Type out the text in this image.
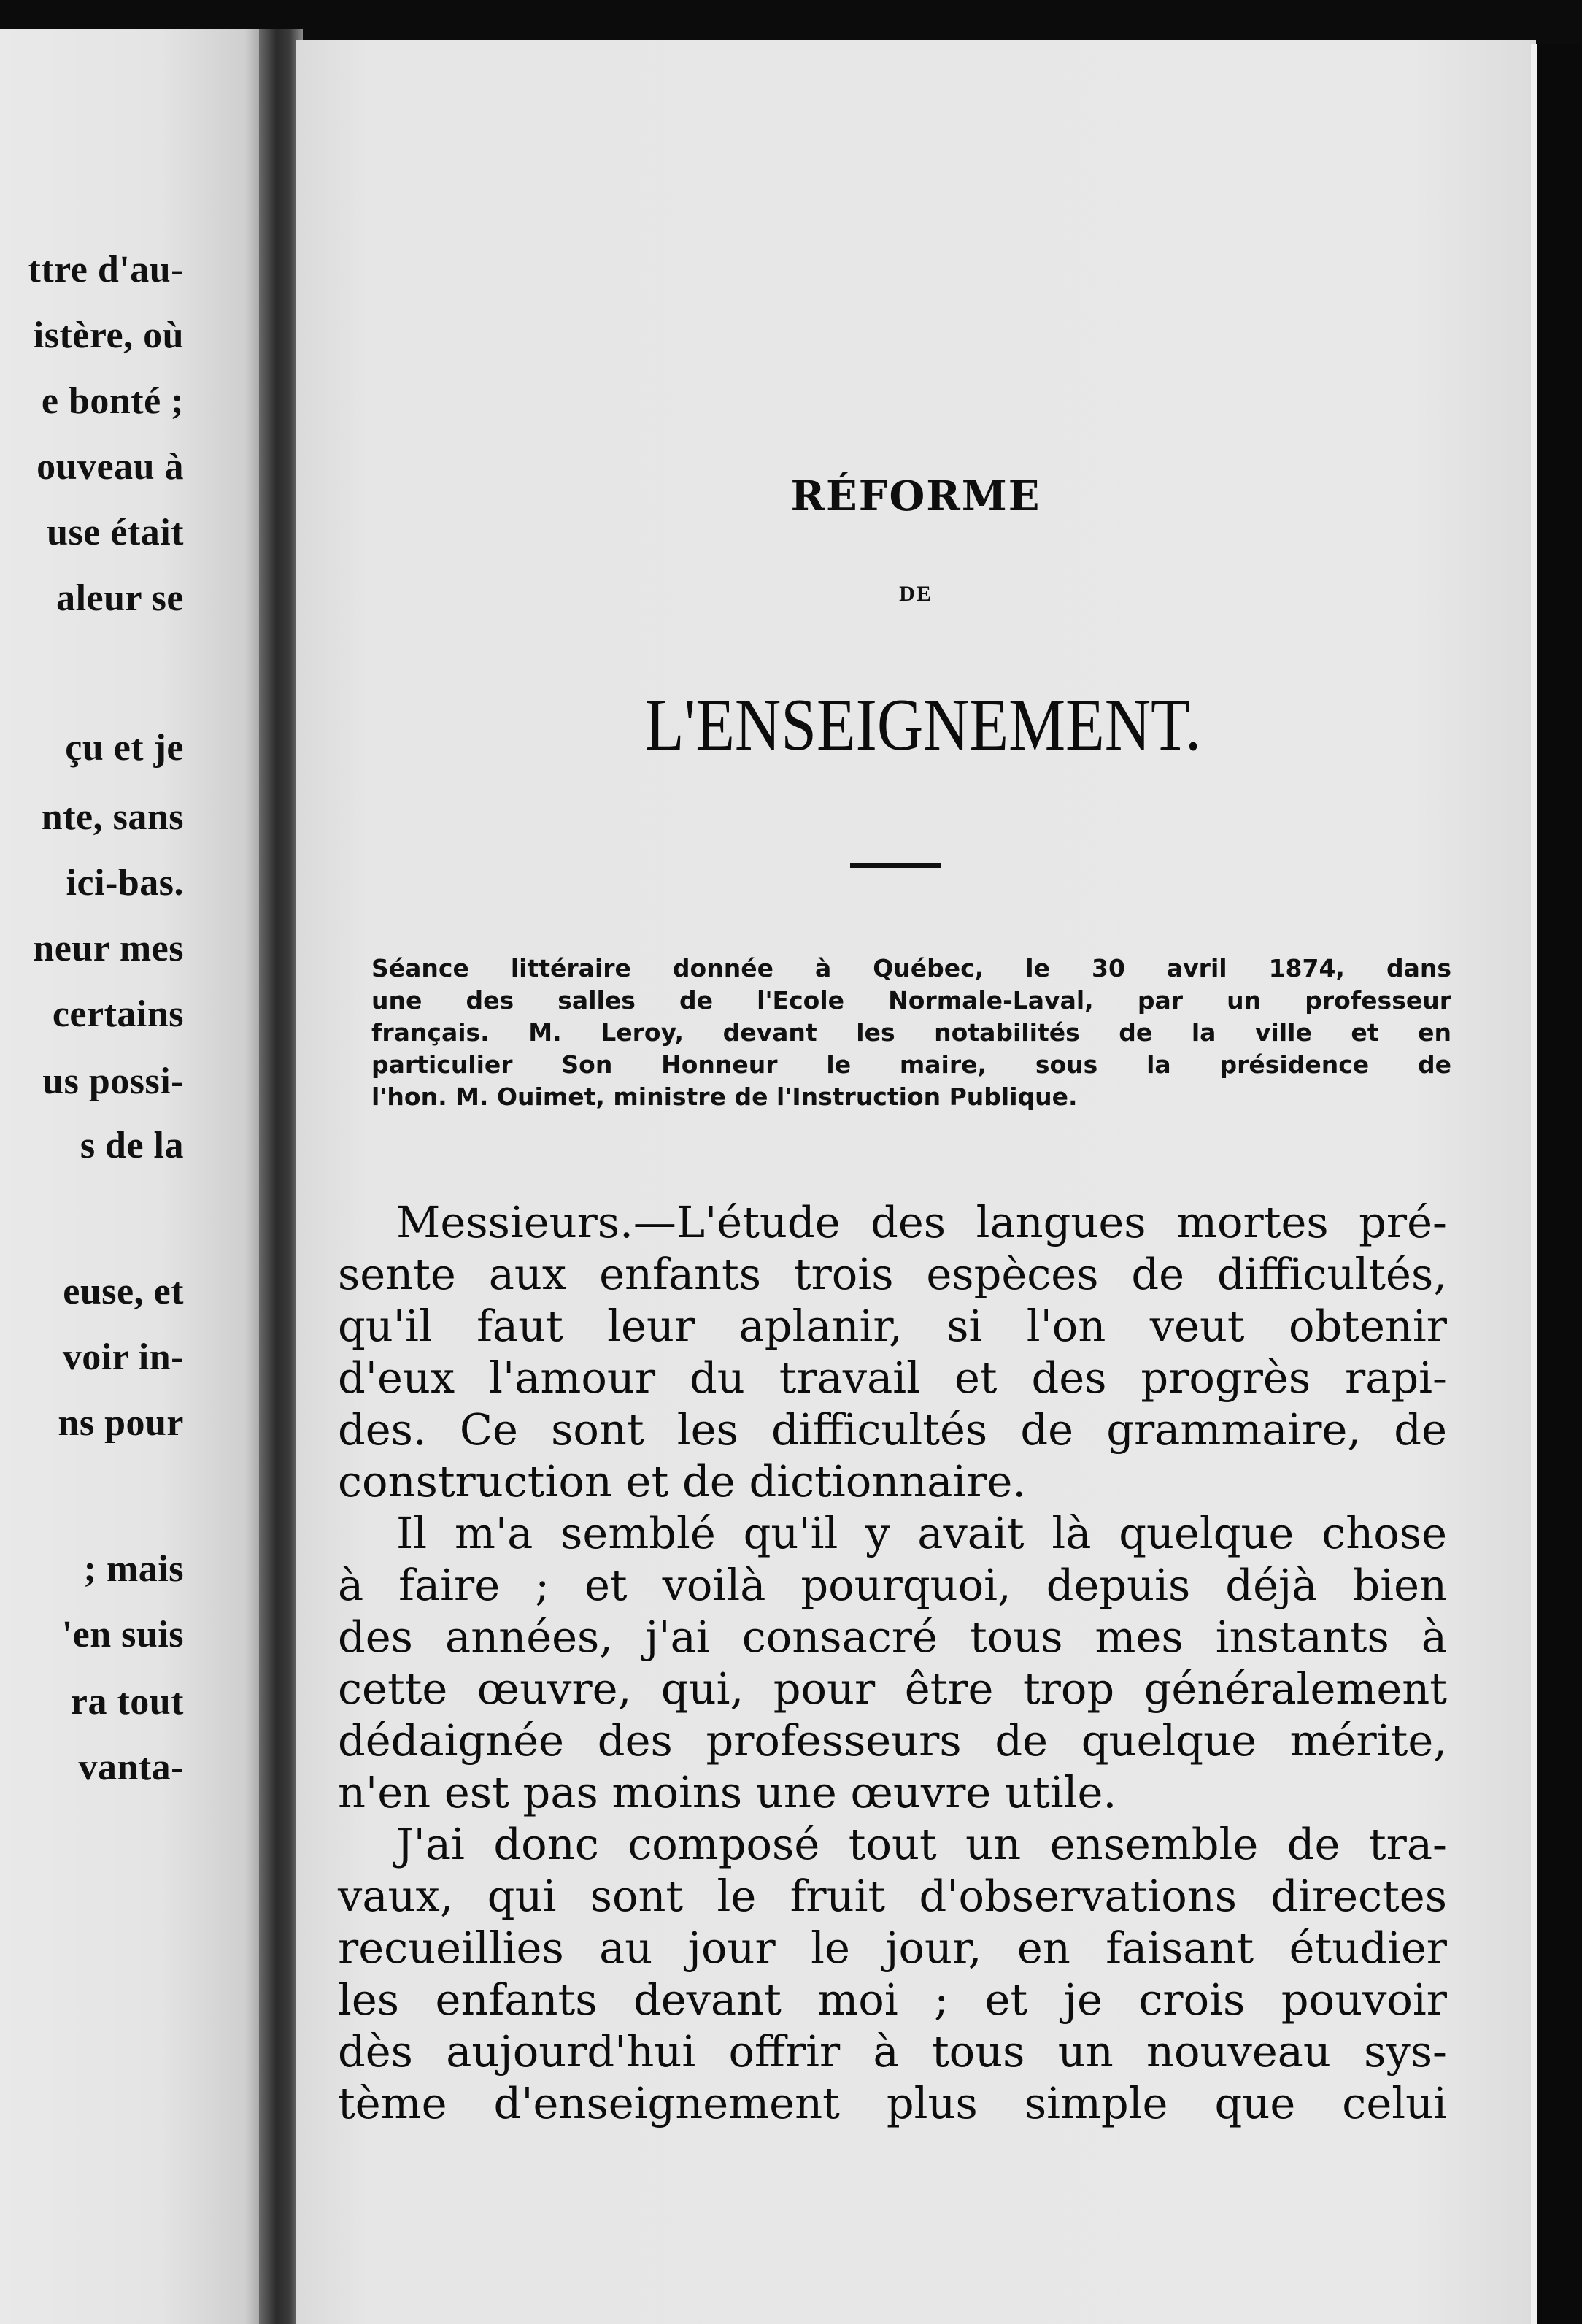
ttre d'au-
istère, où
e bonté ;
ouveau à
use était
aleur se
çu et je
nte, sans
ici-bas.
neur mes
certains
us possi-
s de la
euse, et
voir in-
ns pour
; mais
'en suis
ra tout
vanta-
RÉFORME
DE
L'ENSEIGNEMENT.
Séance littéraire donnée à Québec, le 30 avril 1874, dans
une des salles de l'Ecole Normale-Laval, par un professeur
français. M. Leroy, devant les notabilités de la ville et en
particulier Son Honneur le maire, sous la présidence de
l'hon. M. Ouimet, ministre de l'Instruction Publique.
Messieurs.—L'étude des langues mortes pré-
sente aux enfants trois espèces de difficultés,
qu'il faut leur aplanir, si l'on veut obtenir
d'eux l'amour du travail et des progrès rapi-
des. Ce sont les difficultés de grammaire, de
construction et de dictionnaire.
Il m'a semblé qu'il y avait là quelque chose
à faire ; et voilà pourquoi, depuis déjà bien
des années, j'ai consacré tous mes instants à
cette œuvre, qui, pour être trop généralement
dédaignée des professeurs de quelque mérite,
n'en est pas moins une œuvre utile.
J'ai donc composé tout un ensemble de tra-
vaux, qui sont le fruit d'observations directes
recueillies au jour le jour, en faisant étudier
les enfants devant moi ; et je crois pouvoir
dès aujourd'hui offrir à tous un nouveau sys-
tème d'enseignement plus simple que celui
